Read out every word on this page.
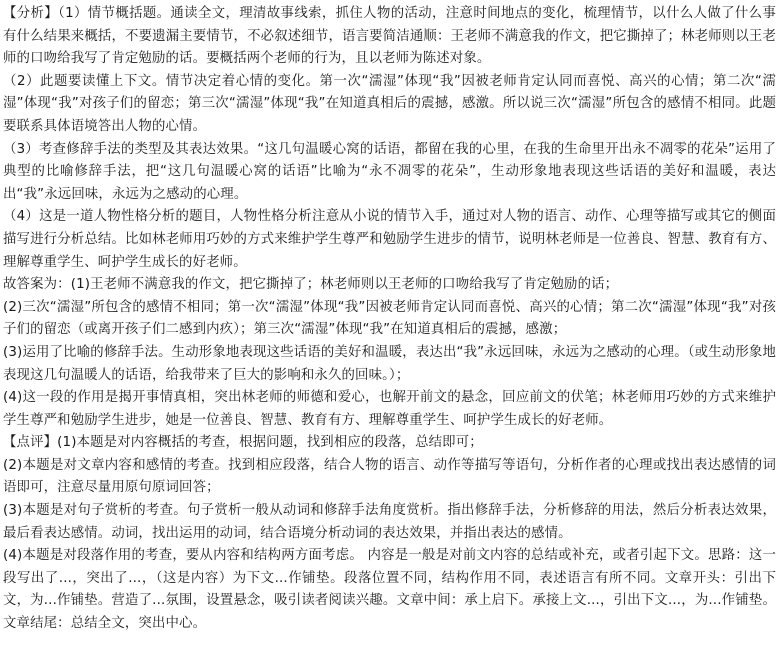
【分析】（1）情节概括题。通读全文，理清故事线索，抓住人物的活动，注意时间地点的变化，梳理情节，以什么人做了什么事有什么结果来概括，不要遗漏主要情节，不必叙述细节，语言要简洁通顺：王老师不满意我的作文，把它撕掉了；林老师则以王老师的口吻给我写了肯定勉励的话。要概括两个老师的行为，且以老师为陈述对象。

（2）此题要读懂上下文。情节决定着心情的变化。第一次“濡湿”体现“我”因被老师肯定认同而喜悦、高兴的心情；第二次“濡湿”体现“我”对孩子们的留恋；第三次“濡湿”体现“我”在知道真相后的震撼，感激。所以说三次“濡湿”所包含的感情不相同。此题要联系具体语境答出人物的心情。

（3）考查修辞手法的类型及其表达效果。“这几句温暖心窝的话语，都留在我的心里，在我的生命里开出永不凋零的花朵”运用了典型的比喻修辞手法，把“这几句温暖心窝的话语”比喻为“永不凋零的花朵”，生动形象地表现这些话语的美好和温暖，表达出“我”永远回味，永远为之感动的心理。

（4）这是一道人物性格分析的题目，人物性格分析注意从小说的情节入手，通过对人物的语言、动作、心理等描写或其它的侧面描写进行分析总结。比如林老师用巧妙的方式来维护学生尊严和勉励学生进步的情节，说明林老师是一位善良、智慧、教育有方、理解尊重学生、呵护学生成长的好老师。

故答案为：(1)王老师不满意我的作文，把它撕掉了；林老师则以王老师的口吻给我写了肯定勉励的话；

(2)三次“濡湿”所包含的感情不相同；第一次“濡湿”体现“我”因被老师肯定认同而喜悦、高兴的心情；第二次“濡湿”体现“我”对孩子们的留恋（或离开孩子们二感到内疚）；第三次“濡湿”体现“我”在知道真相后的震撼，感激；

(3)运用了比喻的修辞手法。生动形象地表现这些话语的美好和温暖，表达出“我”永远回味，永远为之感动的心理。（或生动形象地表现这几句温暖人的话语，给我带来了巨大的影响和永久的回味。）；

(4)这一段的作用是揭开事情真相，突出林老师的师德和爱心，也解开前文的悬念，回应前文的伏笔；林老师用巧妙的方式来维护学生尊严和勉励学生进步，她是一位善良、智慧、教育有方、理解尊重学生、呵护学生成长的好老师。

【点评】(1)本题是对内容概括的考查，根据问题，找到相应的段落，总结即可；

(2)本题是对文章内容和感情的考查。找到相应段落，结合人物的语言、动作等描写等语句，分析作者的心理或找出表达感情的词语即可，注意尽量用原句原词回答；

(3)本题是对句子赏析的考查。句子赏析一般从动词和修辞手法角度赏析。指出修辞手法，分析修辞的用法，然后分析表达效果，最后看表达感情。动词，找出运用的动词，结合语境分析动词的表达效果，并指出表达的感情。

(4)本题是对段落作用的考查，要从内容和结构两方面考虑。 内容是一般是对前文内容的总结或补充，或者引起下文。思路：这一段写出了...，突出了...，（这是内容）为下文...作铺垫。段落位置不同，结构作用不同，表述语言有所不同。文章开头：引出下文，为...作铺垫。营造了...氛围，设置悬念，吸引读者阅读兴趣。文章中间：承上启下。承接上文...，引出下文...，为...作铺垫。文章结尾：总结全文，突出中心。
